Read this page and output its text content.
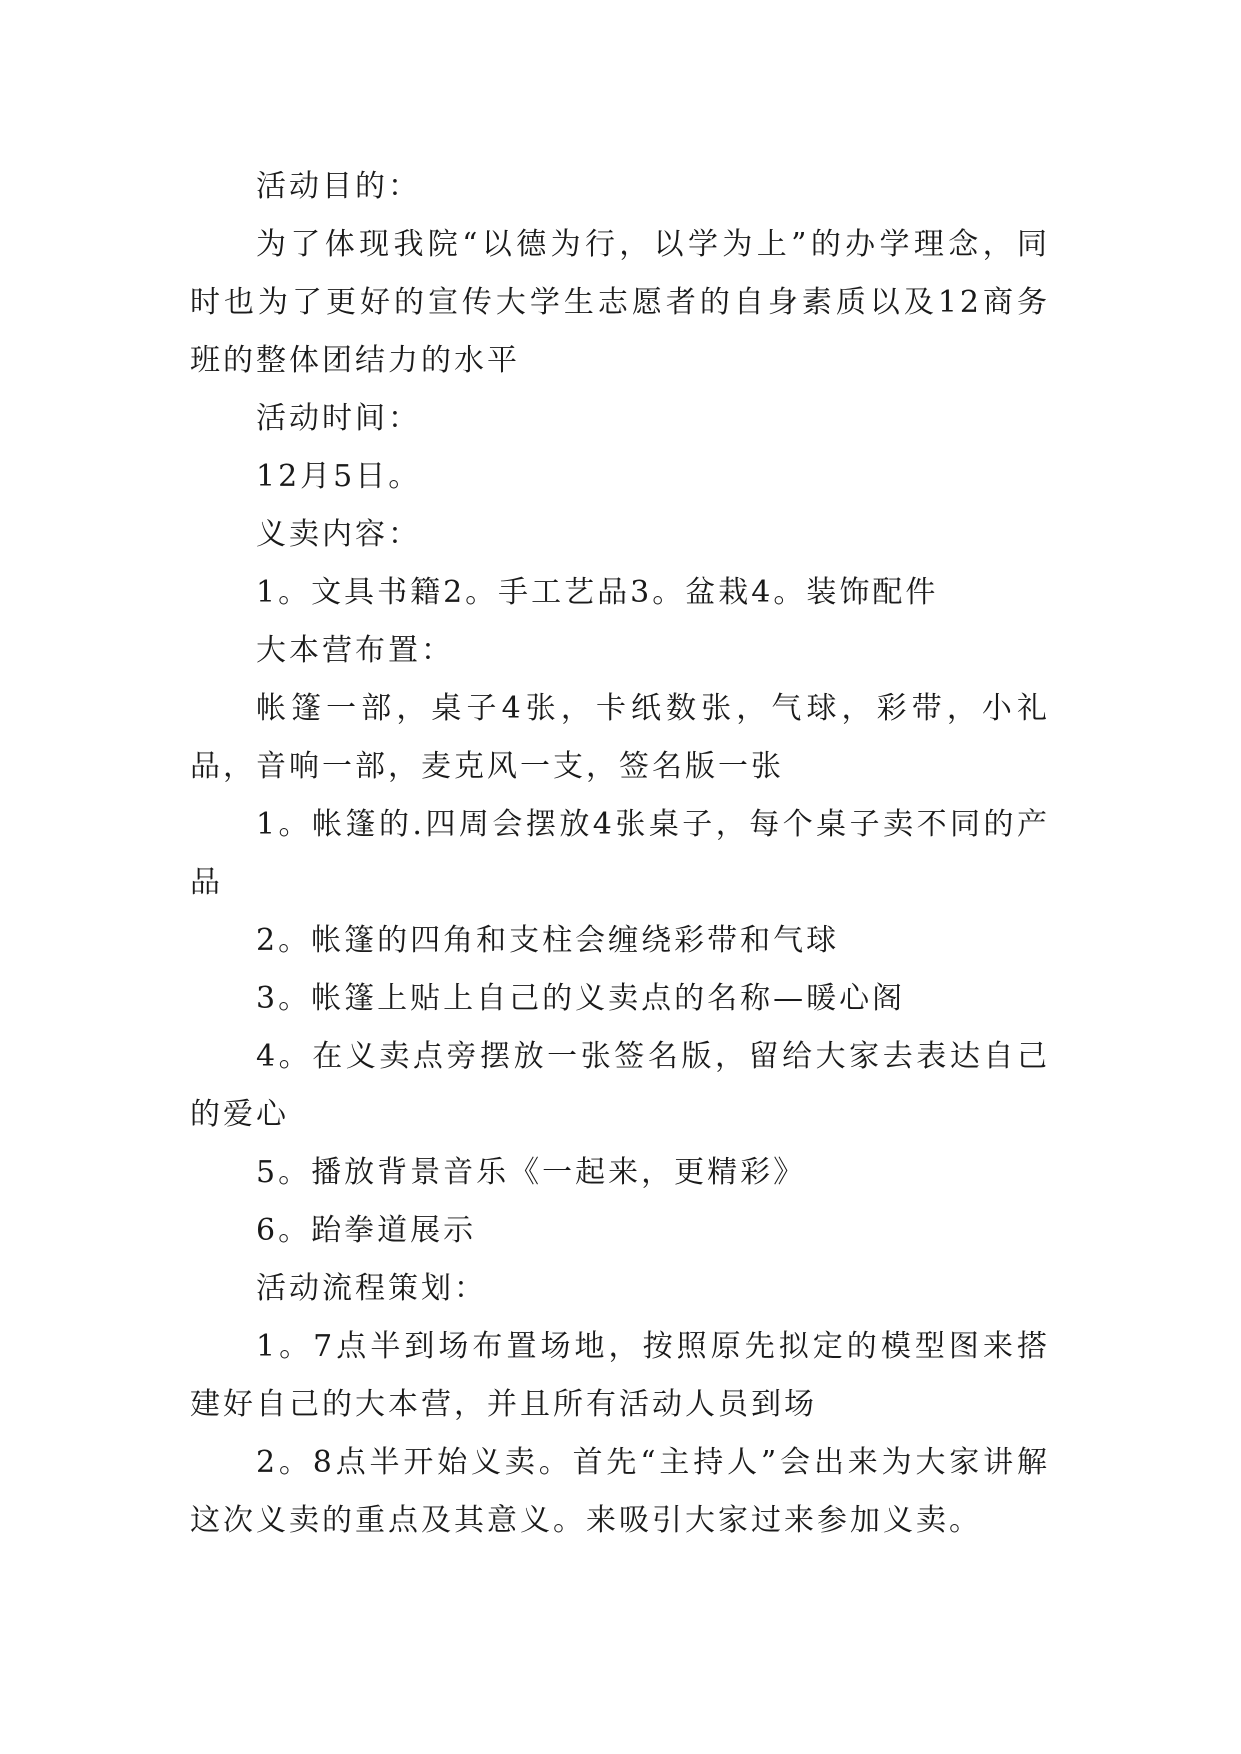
活动目的：

为了体现我院“以德为行，以学为上”的办学理念，同时也为了更好的宣传大学生志愿者的自身素质以及12商务班的整体团结力的水平

活动时间：

12月5日。

义卖内容：

1。文具书籍2。手工艺品3。盆栽4。装饰配件

大本营布置：

帐篷一部，桌子4张，卡纸数张，气球，彩带，小礼品，音响一部，麦克风一支，签名版一张

1。帐篷的.四周会摆放4张桌子，每个桌子卖不同的产品

2。帐篷的四角和支柱会缠绕彩带和气球

3。帐篷上贴上自己的义卖点的名称—暖心阁

4。在义卖点旁摆放一张签名版，留给大家去表达自己的爱心

5。播放背景音乐《一起来，更精彩》

6。跆拳道展示

活动流程策划：

1。7点半到场布置场地，按照原先拟定的模型图来搭建好自己的大本营，并且所有活动人员到场

2。8点半开始义卖。首先“主持人”会出来为大家讲解这次义卖的重点及其意义。来吸引大家过来参加义卖。
